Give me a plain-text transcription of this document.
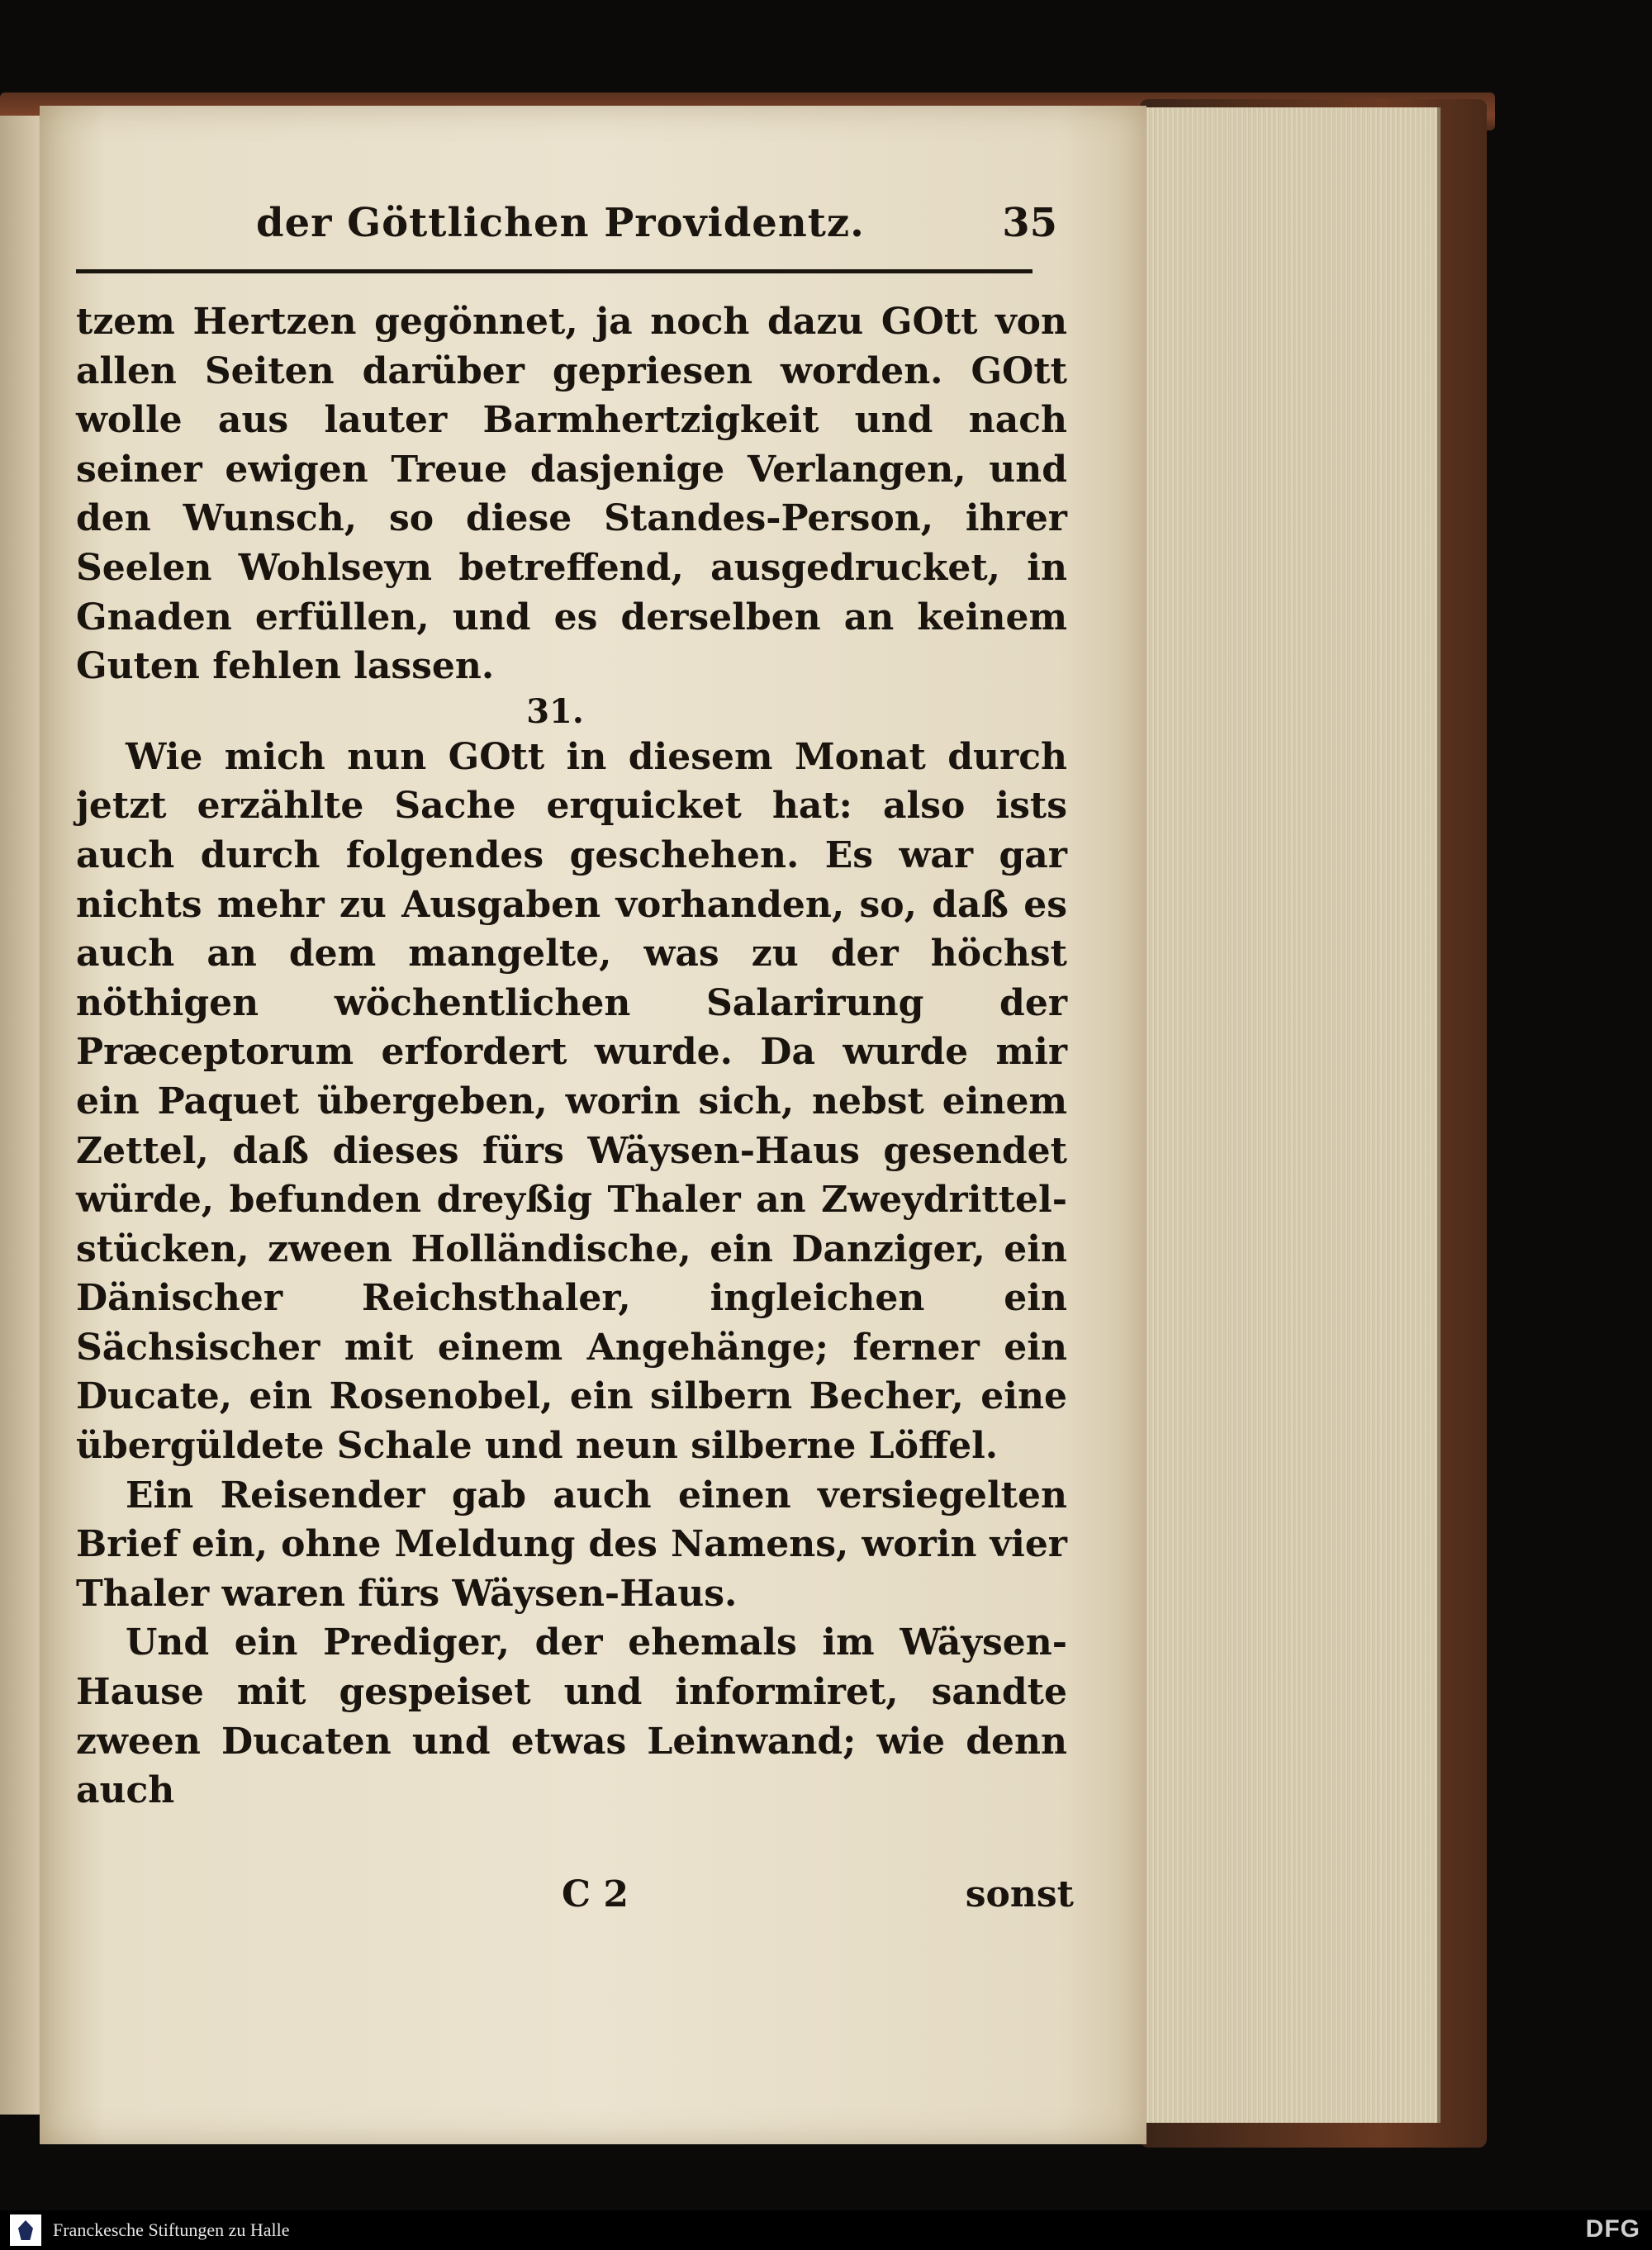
der Göttlichen Providentz.	35

tzem Hertzen gegönnet, ja noch dazu GOtt von allen Seiten darüber gepriesen worden. GOtt wolle aus lauter Barmhertzigkeit und nach seiner ewigen Treue dasjenige Verlangen, und den Wunsch, so diese Standes-Person, ihrer Seelen Wohlseyn betreffend, ausgedrucket, in Gnaden erfüllen, und es derselben an keinem Guten fehlen lassen.

31.

Wie mich nun GOtt in diesem Monat durch jetzt erzählte Sache erquicket hat: also ists auch durch folgendes geschehen. Es war gar nichts mehr zu Ausgaben vorhanden, so, daß es auch an dem mangelte, was zu der höchst nöthigen wöchentlichen Salarirung der Præceptorum erfordert wurde. Da wurde mir ein Paquet übergeben, worin sich, nebst einem Zettel, daß dieses fürs Wäysen-Haus gesendet würde, befunden dreyßig Thaler an Zweydrittel-stücken, zween Holländische, ein Danziger, ein Dänischer Reichsthaler, ingleichen ein Sächsischer mit einem Angehänge; ferner ein Ducate, ein Rosenobel, ein silbern Becher, eine übergüldete Schale und neun silberne Löffel.

Ein Reisender gab auch einen versiegelten Brief ein, ohne Meldung des Namens, worin vier Thaler waren fürs Wäysen-Haus.

Und ein Prediger, der ehemals im Wäysen-Hause mit gespeiset und informiret, sandte zween Ducaten und etwas Leinwand; wie denn auch

C 2	sonst
Franckesche Stiftungen zu Halle	DFG
